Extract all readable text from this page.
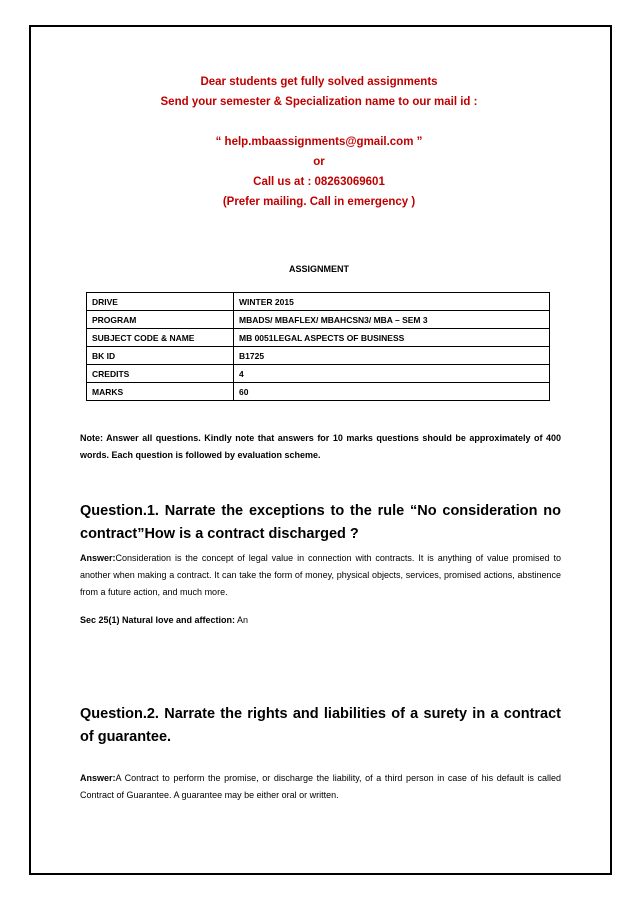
Dear students get fully solved assignments
Send your semester & Specialization name to our mail id :
“ help.mbaassignments@gmail.com ”
or
Call us at : 08263069601
(Prefer mailing. Call in emergency )
ASSIGNMENT
DRIVE	WINTER 2015
PROGRAM	MBADS/ MBAFLEX/ MBAHCSN3/ MBA – SEM 3
SUBJECT CODE & NAME	MB 0051LEGAL ASPECTS OF BUSINESS
BK ID	B1725
CREDITS	4
MARKS	60
Note: Answer all questions. Kindly note that answers for 10 marks questions should be approximately of 400 words. Each question is followed by evaluation scheme.
Question.1. Narrate the exceptions to the rule “No consideration no contract”How is a contract discharged ?
Answer:Consideration is the concept of legal value in connection with contracts. It is anything of value promised to another when making a contract. It can take the form of money, physical objects, services, promised actions, abstinence from a future action, and much more.
Sec 25(1) Natural love and affection: An
Question.2. Narrate the rights and liabilities of a surety in a contract of guarantee.
Answer:A Contract to perform the promise, or discharge the liability, of a third person in case of his default is called Contract of Guarantee. A guarantee may be either oral or written.
